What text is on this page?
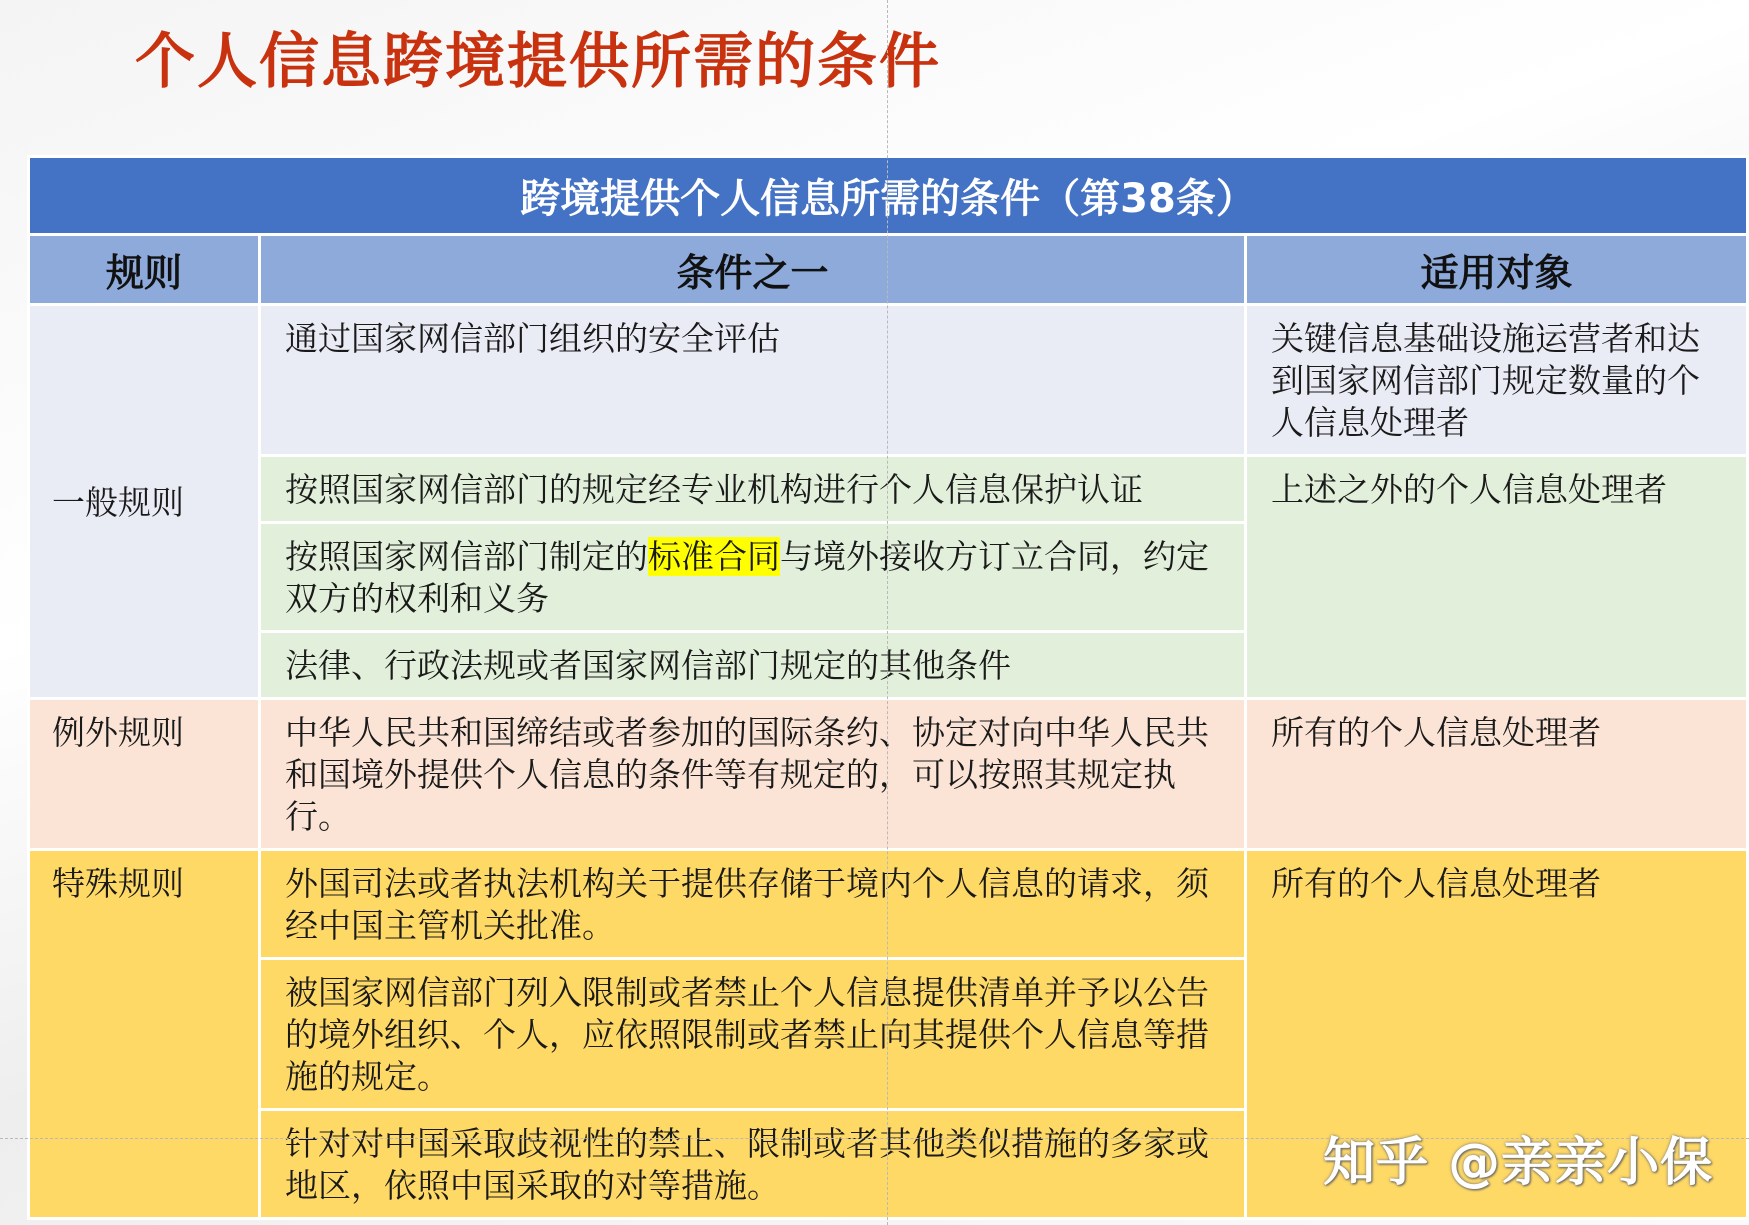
个人信息跨境提供所需的条件
跨境提供个人信息所需的条件（第38条）		
规则	条件之一	适用对象
一般规则	通过国家网信部门组织的安全评估	关键信息基础设施运营者和达到国家网信部门规定数量的个人信息处理者
	按照国家网信部门的规定经专业机构进行个人信息保护认证	上述之外的个人信息处理者
	按照国家网信部门制定的标准合同与境外接收方订立合同，约定双方的权利和义务	
	法律、行政法规或者国家网信部门规定的其他条件	
例外规则	中华人民共和国缔结或者参加的国际条约、协定对向中华人民共和国境外提供个人信息的条件等有规定的，可以按照其规定执行。	所有的个人信息处理者
特殊规则	外国司法或者执法机构关于提供存储于境内个人信息的请求，须经中国主管机关批准。	所有的个人信息处理者
	被国家网信部门列入限制或者禁止个人信息提供清单并予以公告的境外组织、个人，应依照限制或者禁止向其提供个人信息等措施的规定。	
	针对对中国采取歧视性的禁止、限制或者其他类似措施的多家或地区，依照中国采取的对等措施。		知乎 @亲亲小保
